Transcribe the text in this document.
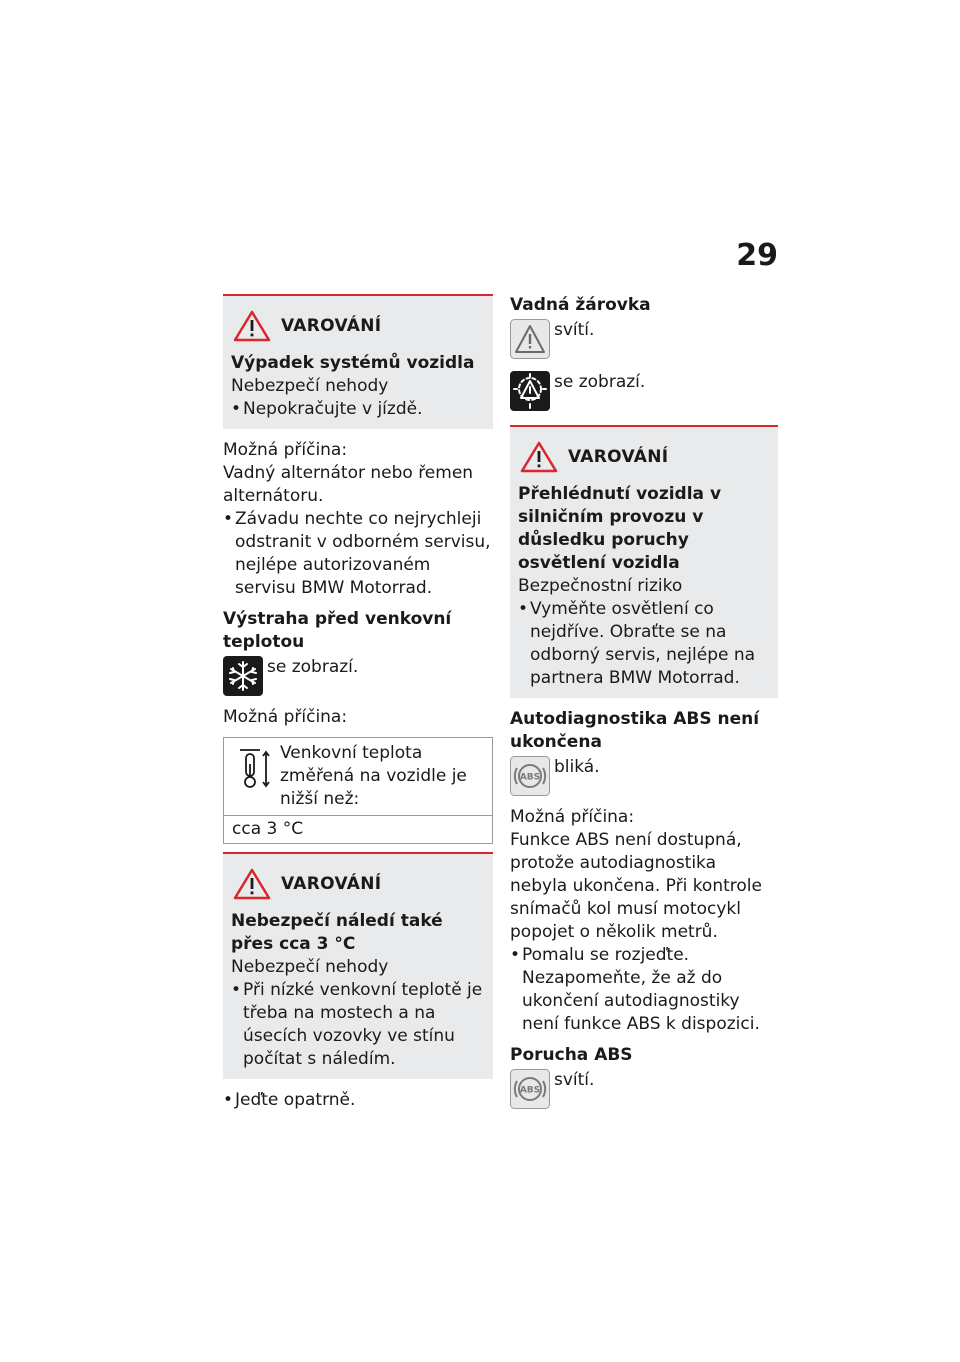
29
VAROVÁNÍ

Výpadek systémů vozidla

Nebezpečí nehody

• Nepokračujte v jízdě.

Možná příčina:

Vadný alternátor nebo řemen alternátoru.

• Závadu nechte co nejrychleji odstranit v odborném servisu, nejlépe autorizovaném servisu BMW Motorrad.

Výstraha před venkovní teplotou

se zobrazí.

Možná příčina:

Venkovní teplota změřená na vozidle je nižší než:
cca 3 °C
VAROVÁNÍ

Nebezpečí náledí také přes cca 3 °C

Nebezpečí nehody

• Při nízké venkovní teplotě je třeba na mostech a na úsecích vozovky ve stínu počítat s náledím.
• Jeďte opatrně.

Vadná žárovka

svítí.
se zobrazí.
VAROVÁNÍ

Přehlédnutí vozidla v silničním provozu v důsledku poruchy osvětlení vozidla

Bezpečnostní riziko

• Vyměňte osvětlení co nejdříve. Obraťte se na odborný servis, nejlépe na partnera BMW Motorrad.

Autodiagnostika ABS není ukončena

ABS
bliká.

Možná příčina:

Funkce ABS není dostupná, protože autodiagnostika nebyla ukončena. Při kontrole snímačů kol musí motocykl popojet o několik metrů.

• Pomalu se rozjeďte. Nezapomeňte, že až do ukončení autodiagnostiky není funkce ABS k dispozici.

Porucha ABS

ABS
svítí.
